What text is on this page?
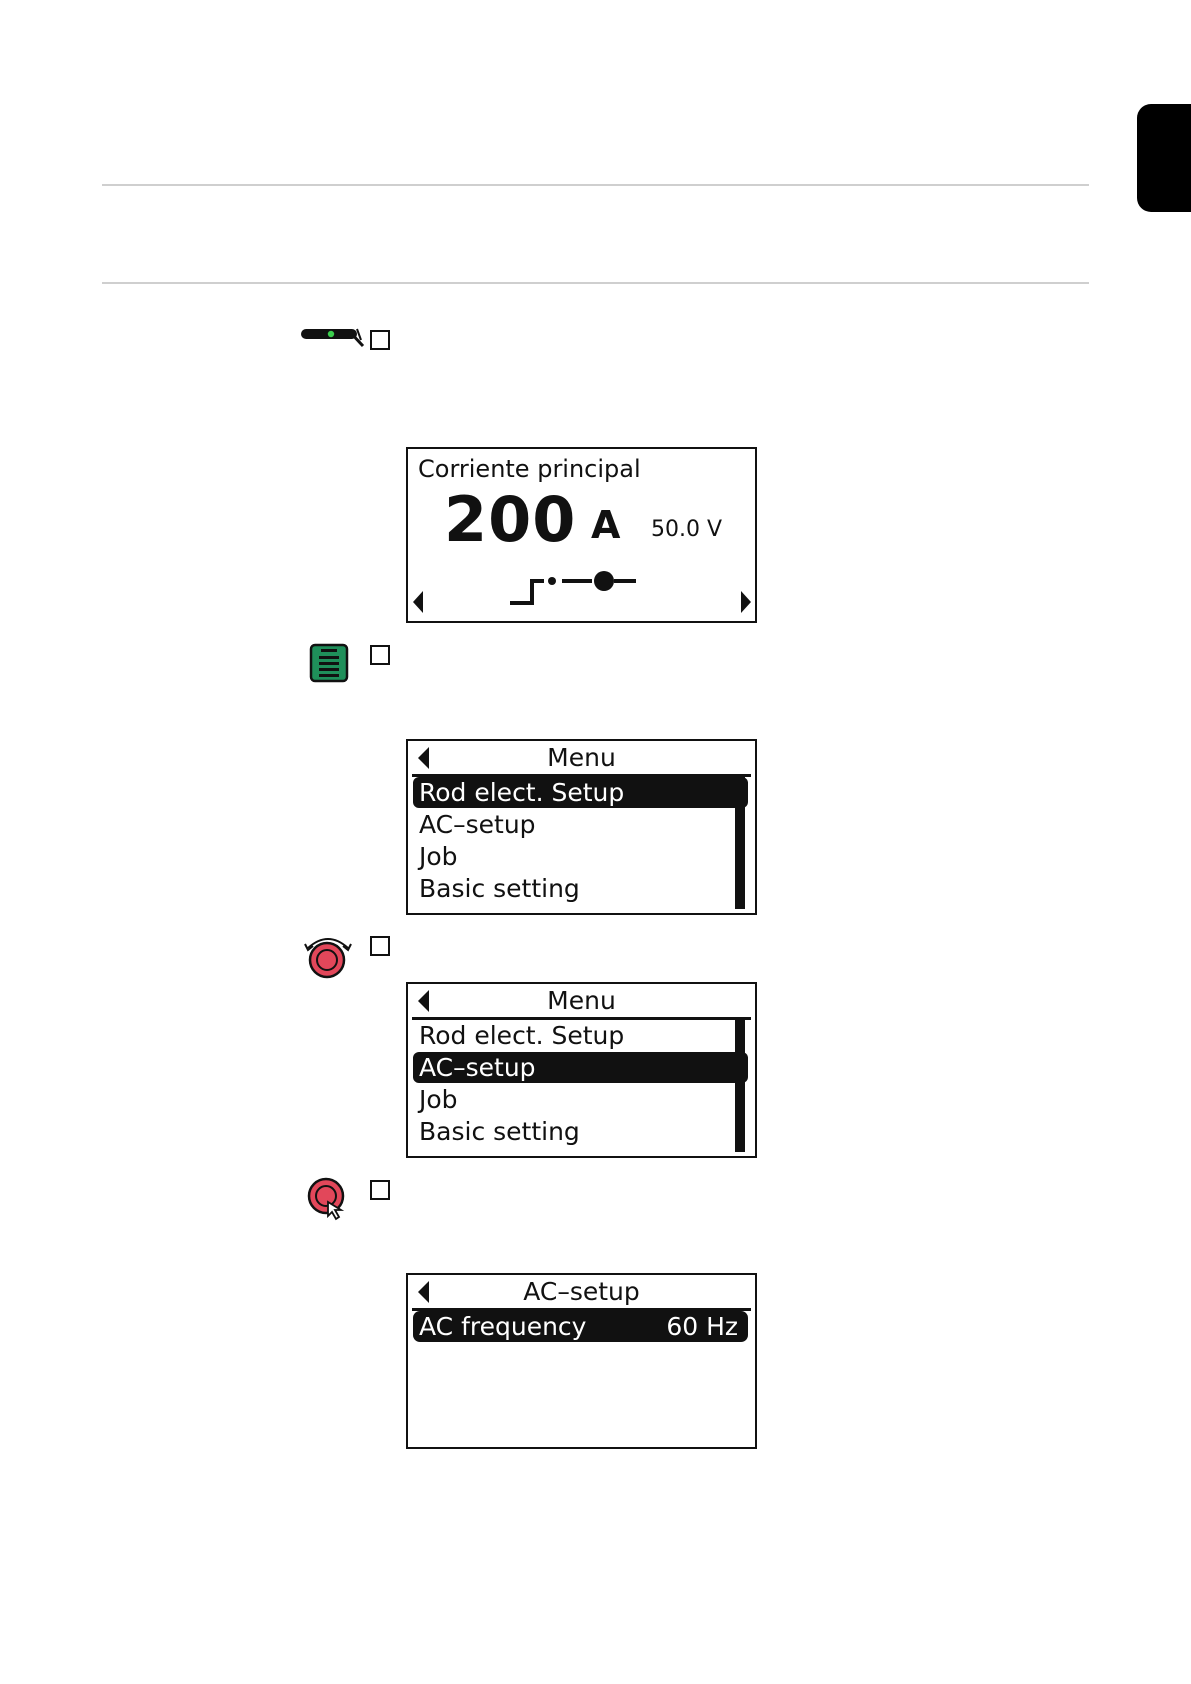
Corriente principal
200 A 50.0 V
Menu
Rod elect. Setup
AC–setup
Job
Basic setting
Menu
Rod elect. Setup
AC–setup
Job
Basic setting
AC–setup
AC frequency	60 Hz
